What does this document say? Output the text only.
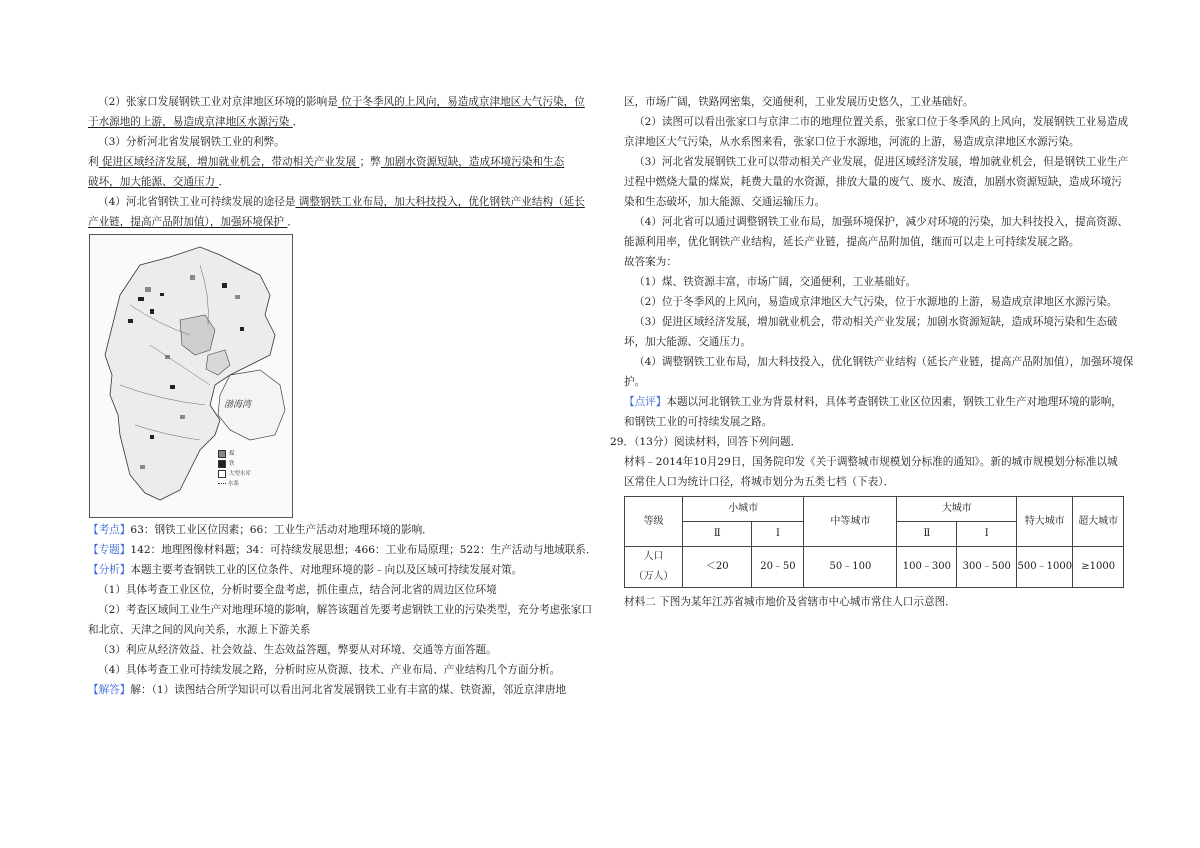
（2）张家口发展钢铁工业对京津地区环境的影响是 位于冬季风的上风向，易造成京津地区大气污染，位

于水源地的上游，易造成京津地区水源污染 ．

（3）分析河北省发展钢铁工业的利弊。

利 促进区域经济发展，增加就业机会，带动相关产业发展 ；弊 加剧水资源短缺，造成环境污染和生态

破坏，加大能源、交通压力 ．

（4）河北省钢铁工业可持续发展的途径是 调整钢铁工业布局，加大科技投入，优化钢铁产业结构（延长

产业链，提高产品附加值），加强环境保护 ．

渤海湾
煤
铁
大型水库
水系

【考点】63：钢铁工业区位因素；66：工业生产活动对地理环境的影响．

【专题】142：地理图像材料题；34：可持续发展思想；466：工业布局原理；522：生产活动与地域联系．

【分析】本题主要考查钢铁工业的区位条件、对地理环境的影﹣向以及区域可持续发展对策。

（1）具体考查工业区位，分析时要全盘考虑，抓住重点，结合河北省的周边区位环境

（2）考查区域间工业生产对地理环境的影响，解答该题首先要考虑钢铁工业的污染类型，充分考虑张家口

和北京、天津之间的风向关系，水源上下游关系

（3）利应从经济效益、社会效益、生态效益答题，弊要从对环境、交通等方面答题。

（4）具体考查工业可持续发展之路，分析时应从资源、技术、产业布局、产业结构几个方面分析。

【解答】解：（1）读图结合所学知识可以看出河北省发展钢铁工业有丰富的煤、铁资源，邻近京津唐地

区，市场广阔，铁路网密集，交通便利，工业发展历史悠久，工业基础好。

（2）读图可以看出张家口与京津二市的地理位置关系，张家口位于冬季风的上风向，发展钢铁工业易造成

京津地区大气污染，从水系图来看，张家口位于水源地，河流的上游，易造成京津地区水源污染。

（3）河北省发展钢铁工业可以带动相关产业发展，促进区域经济发展，增加就业机会，但是钢铁工业生产

过程中燃烧大量的煤炭，耗费大量的水资源，排放大量的废气、废水、废渣，加剧水资源短缺，造成环境污

染和生态破坏，加大能源、交通运输压力。

（4）河北省可以通过调整钢铁工业布局，加强环境保护，减少对环境的污染，加大科技投入，提高资源、

能源利用率，优化钢铁产业结构，延长产业链，提高产品附加值，继而可以走上可持续发展之路。

故答案为：

（1）煤、铁资源丰富，市场广阔，交通便利，工业基础好。

（2）位于冬季风的上风向，易造成京津地区大气污染，位于水源地的上游，易造成京津地区水源污染。

（3）促进区域经济发展，增加就业机会，带动相关产业发展；加剧水资源短缺，造成环境污染和生态破

坏，加大能源、交通压力。

（4）调整钢铁工业布局，加大科技投入，优化钢铁产业结构（延长产业链，提高产品附加值），加强环境保

护。

【点评】本题以河北钢铁工业为背景材料，具体考查钢铁工业区位因素，钢铁工业生产对地理环境的影响，

和钢铁工业的可持续发展之路。

29．（13分）阅读材料，回答下列问题．

材料﹣2014年10月29日，国务院印发《关于调整城市规模划分标准的通知》。新的城市规模划分标准以城

区常住人口为统计口径，将城市划分为五类七档（下表）．

等级	小城市		中等城市	大城市		特大城市	超大城市
	Ⅱ	Ⅰ		Ⅱ	Ⅰ		

人口
（万人）	＜20	20﹣50	50﹣100	100﹣300	300﹣500	500﹣1000	≥1000

材料二 下图为某年江苏省城市地价及省辖市中心城市常住人口示意图．
